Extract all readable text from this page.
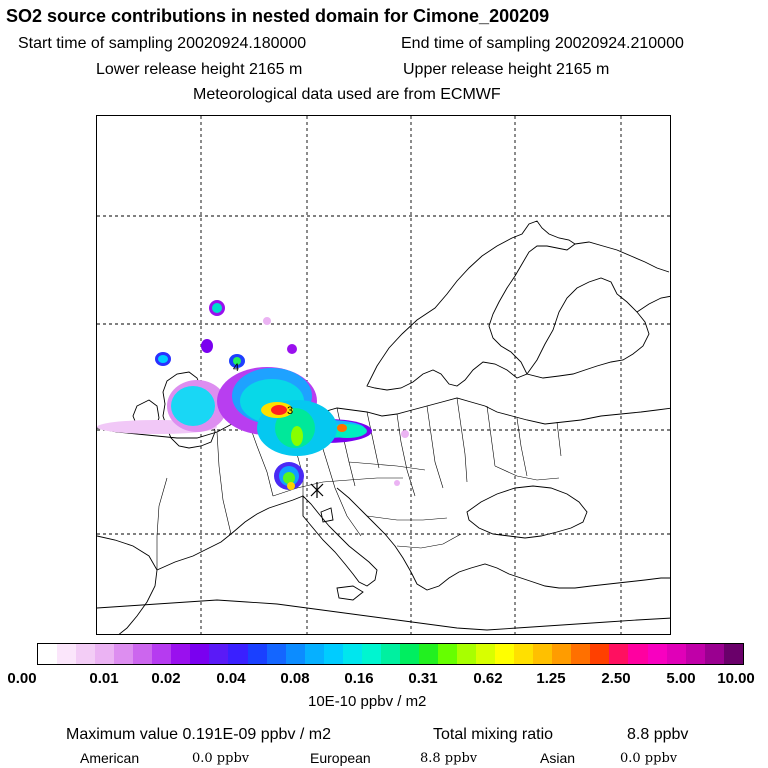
SO2 source contributions in nested domain for Cimone_200209
Start time of sampling 20020924.180000	End time of sampling 20020924.210000
Lower release height 2165 m	Upper release height 2165 m
Meteorological data used are from ECMWF
4
3
0.00	0.01 0.02 0.04 0.08 0.16 0.31 0.62 1.25 2.50 5.00 10.00
10E-10 ppbv / m2
Maximum value 0.191E-09 ppbv / m2	Total mixing ratio	8.8 ppbv
American	0.0 ppbv	European	8.8 ppbv	Asian	0.0 ppbv
